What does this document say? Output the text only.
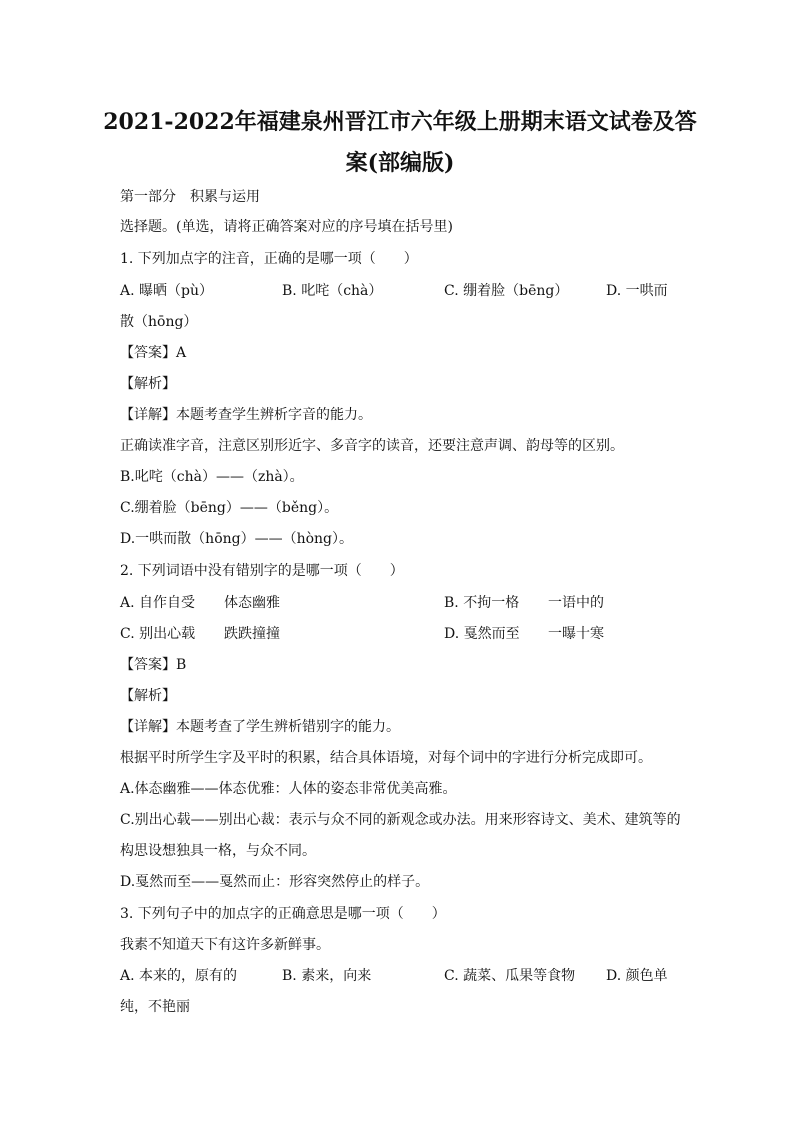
2021-2022年福建泉州晋江市六年级上册期末语文试卷及答
案(部编版)
第一部分　积累与运用
选择题。(单选，请将正确答案对应的序号填在括号里)
1. 下列加点字的注音，正确的是哪一项（　　）
A. 曝晒（pù）	B. 叱咤（chà）	C. 绷着脸（bēng）	D. 一哄而
散（hōng）
【答案】A
【解析】
【详解】本题考查学生辨析字音的能力。
正确读准字音，注意区别形近字、多音字的读音，还要注意声调、韵母等的区别。
B.叱咤（chà）——（zhà）。
C.绷着脸（bēng）——（běng）。
D.一哄而散（hōng）——（hòng）。
2. 下列词语中没有错别字的是哪一项（　　）
A. 自作自受 体态幽雅	B. 不拘一格 一语中的
C. 别出心载 跌跌撞撞	D. 戛然而至 一曝十寒
【答案】B
【解析】
【详解】本题考查了学生辨析错别字的能力。
根据平时所学生字及平时的积累，结合具体语境，对每个词中的字进行分析完成即可。
A.体态幽雅——体态优雅：人体的姿态非常优美高雅。
C.别出心载——别出心裁：表示与众不同的新观念或办法。用来形容诗文、美术、建筑等的
构思设想独具一格，与众不同。
D.戛然而至——戛然而止：形容突然停止的样子。
3. 下列句子中的加点字的正确意思是哪一项（　　）
我素不知道天下有这许多新鲜事。
A. 本来的，原有的	B. 素来，向来	C. 蔬菜、瓜果等食物 D. 颜色单
纯，不艳丽
